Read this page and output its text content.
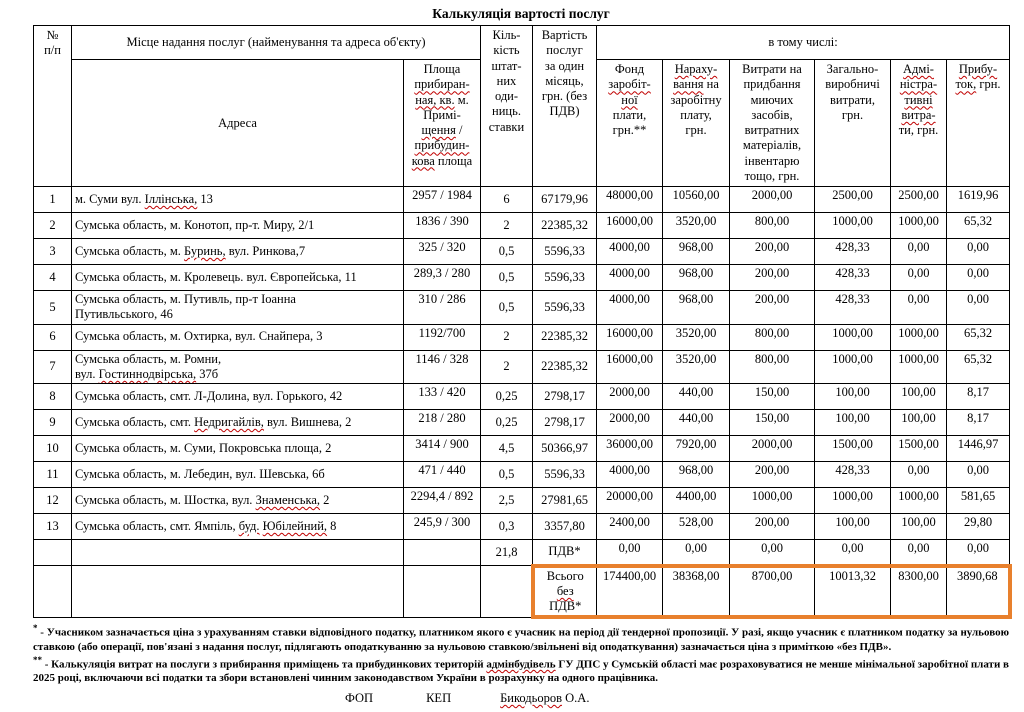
Калькуляція вартості послуг
№
п/п	Місце надання послуг (найменування та адреса об'єкту)	Кіль-
кість
штат-
них
оди-
ниць.
ставки	Вартість
послуг
за один
місяць,
грн. (без
ПДВ)	в тому числі:
Адреса	Площа
прибиран-
ная, кв. м.
Примі-
щення /
прибудин-
кова площа	Фонд
заробіт-
ної
плати,
грн.**	Нараху-
вання на
заробітну
плату,
грн.	Витрати на
придбання
миючих
засобів,
витратних
матеріалів,
інвентарю
тощо, грн.	Загально-
виробничі
витрати,
грн.	Адмі-
ністра-
тивні
витра-
ти, грн.	Прибу-
ток, грн.
1	м. Суми вул. Іллінська, 13	2957 / 1984	6	67179,96	48000,00	10560,00	2000,00	2500,00	2500,00	1619,96
2	Сумська область, м. Конотоп, пр-т. Миру, 2/1	1836 / 390	2	22385,32	16000,00	3520,00	800,00	1000,00	1000,00	65,32
3	Сумська область, м. Буринь, вул. Ринкова,7	325 / 320	0,5	5596,33	4000,00	968,00	200,00	428,33	0,00	0,00
4	Сумська область, м. Кролевець. вул. Європейська, 11	289,3 / 280	0,5	5596,33	4000,00	968,00	200,00	428,33	0,00	0,00
5	Сумська область, м. Путивль, пр-т Іоанна
Путивльського, 46	310 / 286	0,5	5596,33	4000,00	968,00	200,00	428,33	0,00	0,00
6	Сумська область, м. Охтирка, вул. Снайпера, 3	1192/700	2	22385,32	16000,00	3520,00	800,00	1000,00	1000,00	65,32
7	Сумська область, м. Ромни,
вул. Гостиннодвірська, 37б	1146 / 328	2	22385,32	16000,00	3520,00	800,00	1000,00	1000,00	65,32
8	Сумська область, смт. Л-Долина, вул. Горького, 42	133 / 420	0,25	2798,17	2000,00	440,00	150,00	100,00	100,00	8,17
9	Сумська область, смт. Недригайлів, вул. Вишнева, 2	218 / 280	0,25	2798,17	2000,00	440,00	150,00	100,00	100,00	8,17
10	Сумська область, м. Суми, Покровська площа, 2	3414 / 900	4,5	50366,97	36000,00	7920,00	2000,00	1500,00	1500,00	1446,97
11	Сумська область, м. Лебедин, вул. Шевська, 6б	471 / 440	0,5	5596,33	4000,00	968,00	200,00	428,33	0,00	0,00
12	Сумська область, м. Шостка, вул. Знаменська, 2	2294,4 / 892	2,5	27981,65	20000,00	4400,00	1000,00	1000,00	1000,00	581,65
13	Сумська область, смт. Ямпіль, буд. Юбілейний, 8	245,9 / 300	0,3	3357,80	2400,00	528,00	200,00	100,00	100,00	29,80
			21,8	ПДВ*	0,00	0,00	0,00	0,00	0,00	0,00
				Всього
без
ПДВ*	174400,00	38368,00	8700,00	10013,32	8300,00	3890,68

* - Учасником зазначається ціна з урахуванням ставки відповідного податку, платником якого є учасник на період дії тендерної пропозиції. У разі, якщо учасник є платником податку за нульовою ставкою (або операції, пов'язані з надання послуг, підлягають оподаткуванню за нульовою ставкою/звільнені від оподаткування) зазначається ціна з приміткою «без ПДВ».

** - Калькуляція витрат на послуги з прибирання приміщень та прибудинкових територій адмінбудівель ГУ ДПС у Сумській області має розраховуватися не менше мінімальної заробітної плати в 2025 році, включаючи всі податки та збори встановлені чинним законодавством України в розрахунку на одного працівника.

ФОП	КЕП	Бикодьоров О.А.
